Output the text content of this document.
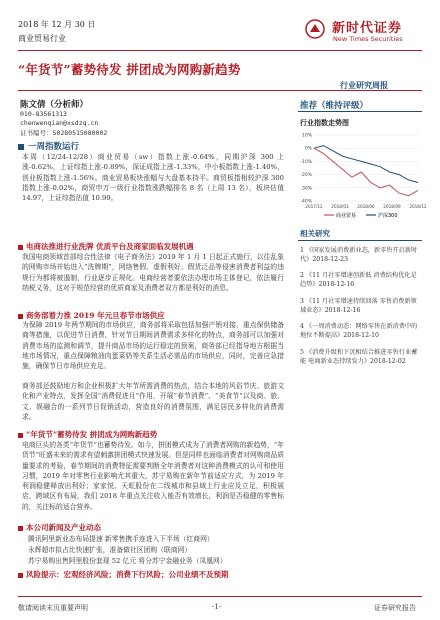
2018 年 12 月 30 日
商业贸易行业
新时代证券
New Times Securities
“年货节”蓄势待发 拼团成为网购新趋势
行业研究周报
陈文倩（分析师）
010-83561313
chenwenqian@xsdzq.cn
证书编号：S0280515080002
一周指数运行
本周（12/24-12/28）商业贸易（sw）指数上涨-0.64%，同期沪深 300 上涨-0.62%，上证综指上涨-0.89%，深证成指上涨-1.33%，中小板指数上涨-1.40%，创业板指数上涨-1.56%。商业贸易板块涨幅与大盘基本持平。商贸板指相较沪深 300 指数上涨-0.02%，商贸申万一级行业指数涨跌幅排名 8 名（上周 13 名），板块估值 14.97，上证综指估值 10.99。
电商法推进行业洗牌 优质平台及商家面临发展机遇
我国电商领域首部综合性法律《电子商务法》2019 年 1 月 1 日起正式施行，以往乱象的网购市场并始进入“洗牌期”，网络售假、虚假利好、假货泛品等侵害消费者利益的违规行为都将被遏制，行业逐步正规化。电商经营者要依法办理市场主体登记，依法履行纳税义务，这对于规范经营的优质商家及消费者双方都是利好的消息。
商务部着力推 2019 年元旦春节市场供应
为保障 2019 年两节期间的市场供应，商务部将采取包括加强产销对接、重点保供储备商等措施，以促进节日消费，针对节日期间消费需求多样化的特点，商务部可以加强对消费市场的监测和调节，提升商品市场的运行稳定的预案，商务部已经指导地方根据当地市场情况，重点保障粮油肉蛋菜奶等关系生活必需品的市场供应，同时，完善应急措施，确保节日市场供应充足。
商务部还鼓励地方和企业积极扩大年节所需消费的热点，结合本地的风俗节庆、旅游文化和产业特点，发挥全国“消费促进月”作用，开展“春节消费”、“美食节”以及商、旅、文、娱融合的一系列节日促销活动，营造良好的消费氛围，满足居民多样化的消费需求。
“年货节”蓄势待发 拼团成为网购新趋势
电商巨头的各类“年货节”也蓄势待发。如今，拼团模式成为了消费者网购的新趋势，“年货节”旺盛未来的需求有望刺激拼团模式快速发展。但是同样也面临消费者对网购商品质量要求的考验，春节期间的消费特征需要判断全年消费者对这种消费模式的认可和使用习惯，2019 年对零售行业影响尤其重大，苏宁易购在新年节前适应方式，为 2019 年利润稳健释放出利好；家家悦、天虹股份在二线城市和县域上行业应及立足，积极展店，跨域区有布局，我们 2018 年重点关注收入能否有效增长，利润是否稳健的零售标的，关注标的适合营养。
本公司新闻及产业动态
腾讯阿里新业态布局提速 新零售携手连进入下半场（红商网）
永辉超市拟占比快速扩张，准备做社区团购（联商网）
苏宁易购出售阿里股份套现 52 亿元 将分苏宁金融业务（凤凰网）
风险提示：宏观经济风险；消费下行风险；公司业绩不及预期
推荐（维持评级）
行业指数走势图
2017/12 2018/03 2018/06 2018/09 2018/12
-40%
-30%
-20%
-10%
0%
10%
商业贸易	沪深300
相关研究
1 《国家发展消费新业态，新零售开启新时代》2018-12-23
2 《11 月社零增速创新低 消费结构优化是趋势》2018-12-16
3 《11 月社零增速持续回落 零售消费新领域业态》2018-12-16
4 《一周消费动态：网络零售在新消费中的地位不断提高》2018-12-10
5 《消费升级和下沉相结合推进零售行业蓄能 电商新业态持续发力》2018-12-02
敬请阅读末页重要声明	-1-	证券研究报告
